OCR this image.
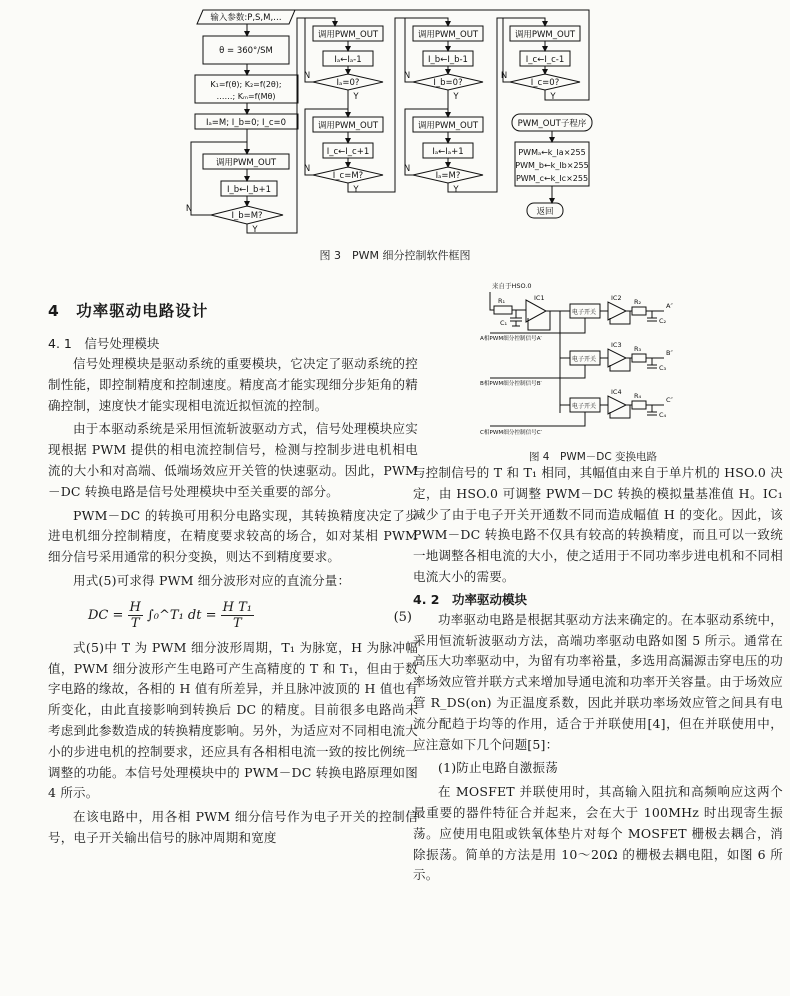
输入参数:P,S,M,…
θ = 360°/SM
K₁=f(θ); K₂=f(2θ);
……; Kₘ=f(Mθ)
Iₐ=M; I_b=0; I_c=0
调用PWM_OUT
I_b←I_b+1
I_b=M?
N
Y
调用PWM_OUT
Iₐ←Iₐ-1
Iₐ=0?
调用PWM_OUT
I_c←I_c+1
I_c=M?
N
Y
N
Y
调用PWM_OUT
I_b←I_b-1
I_b=0?
调用PWM_OUT
Iₐ←Iₐ+1
Iₐ=M?
N
Y
N
Y
调用PWM_OUT
I_c←I_c-1
I_c=0?
N
Y
PWM_OUT子程序
PWMₐ←k_Ia×255
PWM_b←k_Ib×255
PWM_c←k_Ic×255
返回
图 3　PWM 细分控制软件框图
来自于HSO.0
R₁
C₁
IC1
电子开关
电子开关
电子开关
IC2
IC3
IC4
R₂
R₃
R₄
C₂
C₃
C₄
A″
B″
C″
A相PWM细分控制信号A′
B相PWM细分控制信号B′
C相PWM细分控制信号C′
图 4　PWM－DC 变换电路
4　功率驱动电路设计
4. 1　信号处理模块

信号处理模块是驱动系统的重要模块，它决定了驱动系统的控制性能，即控制精度和控制速度。精度高才能实现细分步矩角的精确控制，速度快才能实现相电流近拟恒流的控制。

由于本驱动系统是采用恒流斩波驱动方式，信号处理模块应实现根据 PWM 提供的相电流控制信号，检测与控制步进电机相电流的大小和对高端、低端场效应开关管的快速驱动。因此，PWM－DC 转换电路是信号处理模块中至关重要的部分。

PWM－DC 的转换可用积分电路实现，其转换精度决定了步进电机细分控制精度，在精度要求较高的场合，如对某相 PWM 细分信号采用通常的积分变换，则达不到精度要求。

用式(5)可求得 PWM 细分波形对应的直流分量：

DC = $\frac{H}{T}$ ∫₀^T₁ dt = $\frac{\text{H T₁}}{T}$	(5)

式(5)中 T 为 PWM 细分波形周期，T₁ 为脉宽，H 为脉冲幅值，PWM 细分波形产生电路可产生高精度的 T 和 T₁，但由于数字电路的缘故，各相的 H 值有所差异，并且脉冲波顶的 H 值也有所变化，由此直接影响到转换后 DC 的精度。目前很多电路尚未考虑到此参数造成的转换精度影响。另外，为适应对不同相电流大小的步进电机的控制要求，还应具有各相相电流一致的按比例统一调整的功能。本信号处理模块中的 PWM－DC 转换电路原理如图 4 所示。

在该电路中，用各相 PWM 细分信号作为电子开关的控制信号，电子开关输出信号的脉冲周期和宽度

与控制信号的 T 和 T₁ 相同，其幅值由来自于单片机的 HSO.0 决定，由 HSO.0 可调整 PWM－DC 转换的模拟量基准值 H。IC₁ 减少了由于电子开关开通数不同而造成幅值 H 的变化。因此，该 PWM－DC 转换电路不仅具有较高的转换精度，而且可以一致统一地调整各相电流的大小，使之适用于不同功率步进电机和不同相电流大小的需要。

4. 2　功率驱动模块

功率驱动电路是根据其驱动方法来确定的。在本驱动系统中，采用恒流斩波驱动方法，高端功率驱动电路如图 5 所示。通常在高压大功率驱动中，为留有功率裕量，多选用高漏源击穿电压的功率场效应管并联方式来增加导通电流和功率开关容量。由于场效应管 R_DS(on) 为正温度系数，因此并联功率场效应管之间具有电流分配趋于均等的作用，适合于并联使用[4]，但在并联使用中，应注意如下几个问题[5]：

(1)防止电路自激振荡

在 MOSFET 并联使用时，其高输入阻抗和高频响应这两个最重要的器件特征合并起来，会在大于 100MHz 时出现寄生振荡。应使用电阻或铁氧体垫片对每个 MOSFET 栅极去耦合，消除振荡。简单的方法是用 10～20Ω 的栅极去耦电阻，如图 6 所示。
